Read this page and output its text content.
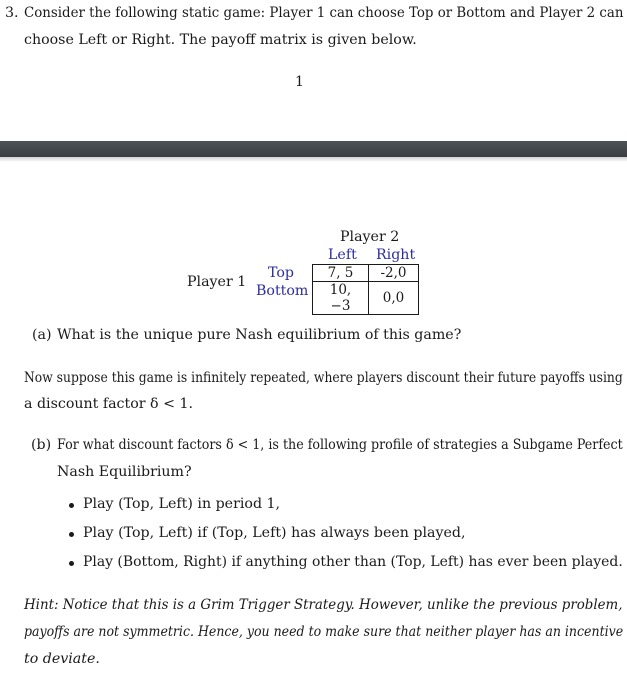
3. Consider the following static game: Player 1 can choose Top or Bottom and Player 2 can
choose Left or Right. The payoff matrix is given below.
1
Player 2
Left Right
Player 1
Top
Bottom
7, 5	-2,0
10, −3	0,0
(a) What is the unique pure Nash equilibrium of this game?
Now suppose this game is infinitely repeated, where players discount their future payoffs using
a discount factor δ < 1.
(b) For what discount factors δ < 1, is the following profile of strategies a Subgame Perfect
Nash Equilibrium?
Play (Top, Left) in period 1,
Play (Top, Left) if (Top, Left) has always been played,
Play (Bottom, Right) if anything other than (Top, Left) has ever been played.
Hint: Notice that this is a Grim Trigger Strategy. However, unlike the previous problem,
payoffs are not symmetric. Hence, you need to make sure that neither player has an incentive
to deviate.
